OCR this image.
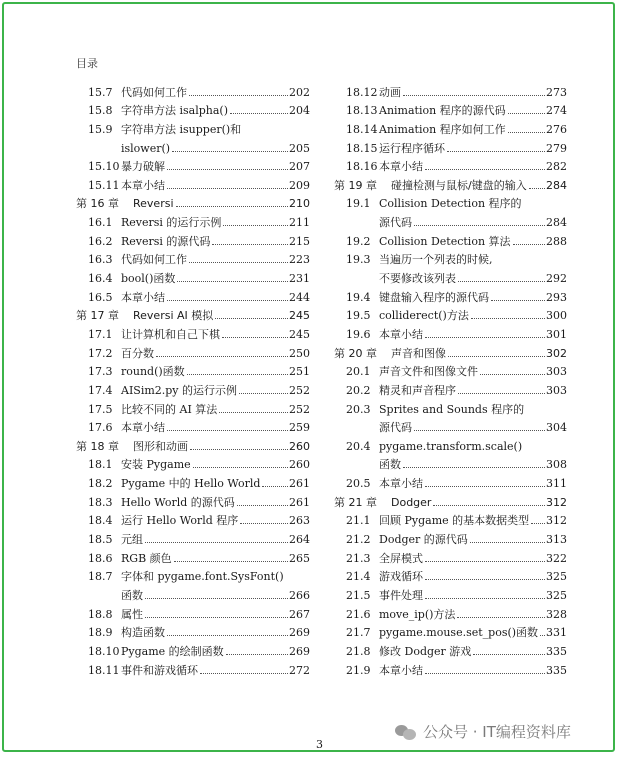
目录
15.7 代码如何工作	202
15.8 字符串方法 isalpha()	204
15.9 字符串方法 isupper()和
islower()	205
15.10 暴力破解	207
15.11 本章小结	209
第 16 章	Reversi	210
16.1 Reversi 的运行示例	211
16.2 Reversi 的源代码	215
16.3 代码如何工作	223
16.4 bool()函数	231
16.5 本章小结	244
第 17 章	Reversi AI 模拟	245
17.1 让计算机和自己下棋	245
17.2 百分数	250
17.3 round()函数	251
17.4 AISim2.py 的运行示例	252
17.5 比较不同的 AI 算法	252
17.6 本章小结	259
第 18 章	图形和动画	260
18.1 安装 Pygame	260
18.2 Pygame 中的 Hello World	261
18.3 Hello World 的源代码	261
18.4 运行 Hello World 程序	263
18.5 元组	264
18.6 RGB 颜色	265
18.7 字体和 pygame.font.SysFont()
函数	266
18.8 属性	267
18.9 构造函数	269
18.10 Pygame 的绘制函数	269
18.11 事件和游戏循环	272
18.12 动画	273
18.13 Animation 程序的源代码	274
18.14 Animation 程序如何工作	276
18.15 运行程序循环	279
18.16 本章小结	282
第 19 章	碰撞检测与鼠标/键盘的输入 284
19.1 Collision Detection 程序的
源代码	284
19.2 Collision Detection 算法	288
19.3 当遍历一个列表的时候,
不要修改该列表	292
19.4 键盘输入程序的源代码	293
19.5 colliderect()方法	300
19.6 本章小结	301
第 20 章	声音和图像	302
20.1 声音文件和图像文件	303
20.2 精灵和声音程序	303
20.3 Sprites and Sounds 程序的
源代码	304
20.4 pygame.transform.scale()
函数	308
20.5 本章小结	311
第 21 章	Dodger	312
21.1 回顾 Pygame 的基本数据类型 312
21.2 Dodger 的源代码	313
21.3 全屏模式	322
21.4 游戏循环	325
21.5 事件处理	325
21.6 move_ip()方法	328
21.7 pygame.mouse.set_pos()函数 331
21.8 修改 Dodger 游戏	335
21.9 本章小结	335
3
公众号 · IT编程资料库
